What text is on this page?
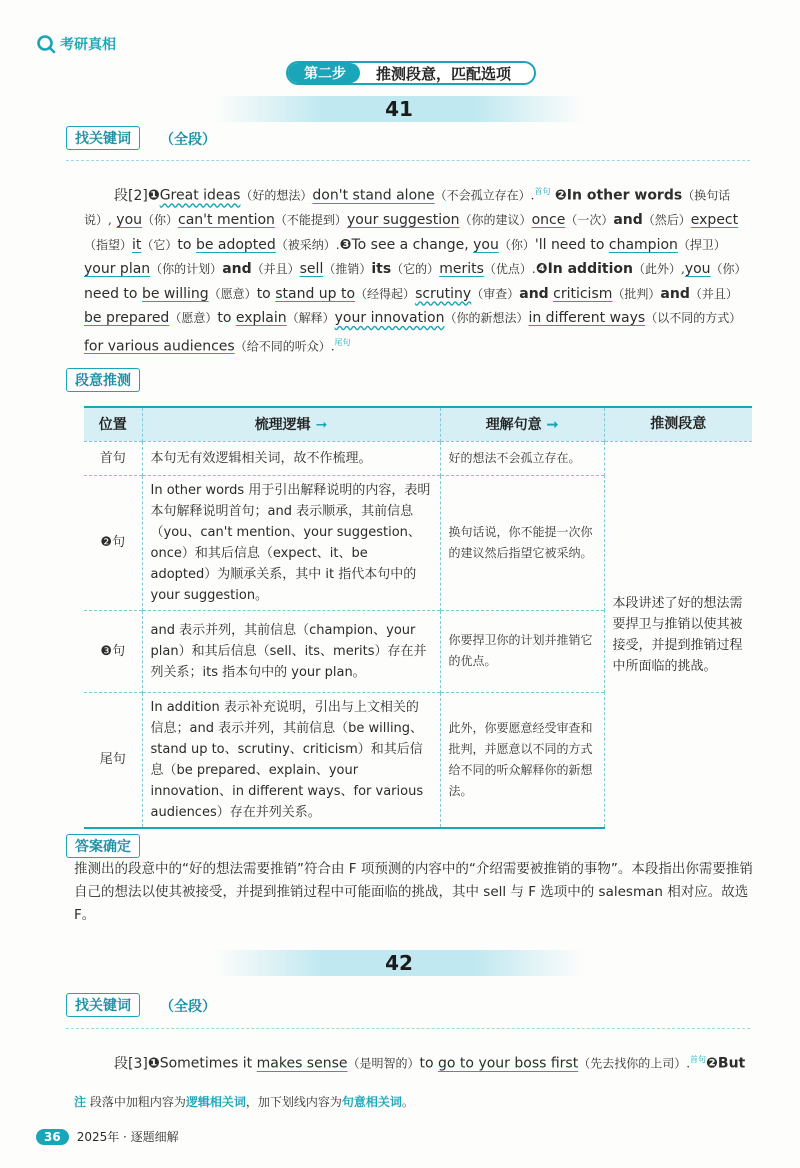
考研真相
第二步	推测段意，匹配选项
41
找关键词	（全段）
段[2]❶Great ideas（好的想法）don't stand alone（不会孤立存在）.$^{首句}$ ❷In other words（换句话说）, you（你）can't mention（不能提到）your suggestion（你的建议）once（一次）and（然后）expect （指望）it（它）to be adopted（被采纳）.❸To see a change, you（你）'ll need to champion（捍卫） your plan（你的计划）and（并且）sell（推销）its（它的）merits（优点）.❹In addition（此外）,you（你） need to be willing（愿意）to stand up to（经得起）scrutiny（审查）and criticism（批判）and（并且） be prepared（愿意）to explain（解释）your innovation（你的新想法）in different ways（以不同的方式） for various audiences（给不同的听众）.$^{尾句}$
段意推测
位置	梳理逻辑 ➞	理解句意 ➞	推测段意
首句	本句无有效逻辑相关词，故不作梳理。	好的想法不会孤立存在。	本段讲述了好的想法需要捍卫与推销以使其被接受，并提到推销过程中所面临的挑战。
❷句	In other words 用于引出解释说明的内容，表明本句解释说明首句；and 表示顺承，其前信息（you、can't mention、your suggestion、once）和其后信息（expect、it、be adopted）为顺承关系，其中 it 指代本句中的 your suggestion。	换句话说，你不能提一次你的建议然后指望它被采纳。	
❸句	and 表示并列，其前信息（champion、your plan）和其后信息（sell、its、merits）存在并列关系；its 指本句中的 your plan。	你要捍卫你的计划并推销它的优点。	
尾句	In addition 表示补充说明，引出与上文相关的信息；and 表示并列，其前信息（be willing、stand up to、scrutiny、criticism）和其后信息（be prepared、explain、your innovation、in different ways、for various audiences）存在并列关系。	此外，你要愿意经受审查和批判，并愿意以不同的方式给不同的听众解释你的新想法。	
答案确定
推测出的段意中的“好的想法需要推销”符合由 F 项预测的内容中的“介绍需要被推销的事物”。本段指出你需要推销自己的想法以使其被接受，并提到推销过程中可能面临的挑战，其中 sell 与 F 选项中的 salesman 相对应。故选 F。
42
找关键词	（全段）
段[3]❶Sometimes it makes sense（是明智的）to go to your boss first（先去找你的上司）.$^{首句}$❷But
注 段落中加粗内容为逻辑相关词，加下划线内容为句意相关词。
36	2025年 · 逐题细解
